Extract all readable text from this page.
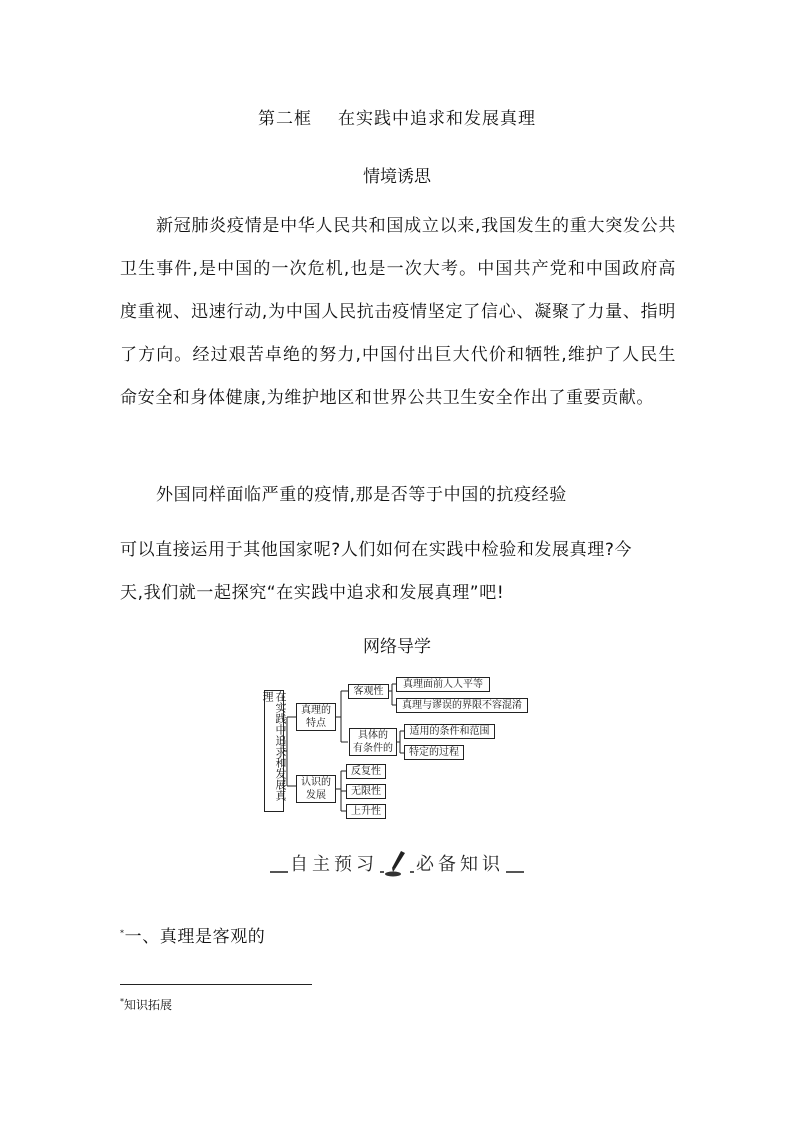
第二框 在实践中追求和发展真理
情境诱思

新冠肺炎疫情是中华人民共和国成立以来,我国发生的重大突发公共卫生事件,是中国的一次危机,也是一次大考。中国共产党和中国政府高度重视、迅速行动,为中国人民抗击疫情坚定了信心、凝聚了力量、指明了方向。经过艰苦卓绝的努力,中国付出巨大代价和牺牲,维护了人民生命安全和身体健康,为维护地区和世界公共卫生安全作出了重要贡献。

外国同样面临严重的疫情,那是否等于中国的抗疫经验
可以直接运用于其他国家呢?人们如何在实践中检验和发展真理?今
天,我们就一起探究“在实践中追求和发展真理”吧!
网络导学
在实践中追求和发展真理
真理的
特点
客观性
真理面前人人平等
真理与谬误的界限不容混淆
具体的
有条件的
适用的条件和范围
特定的过程
认识的
发展
反复性
无限性
上升性
自主预习 必备知识
*一、真理是客观的
*知识拓展
